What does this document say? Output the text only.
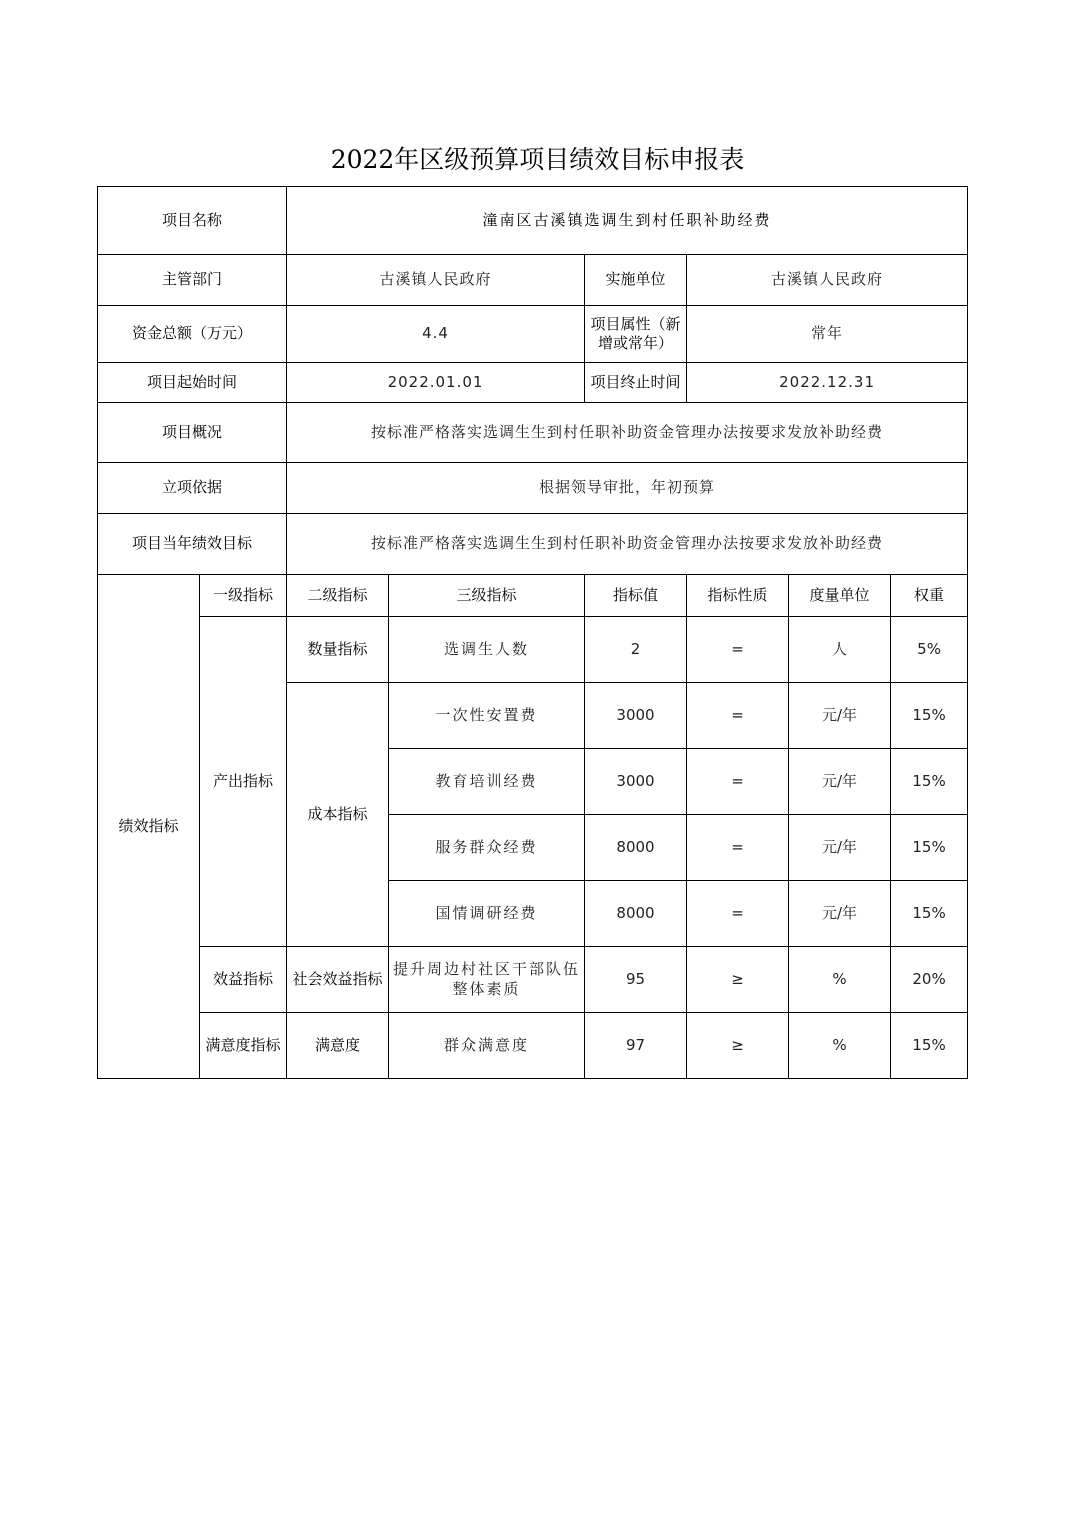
2022年区级预算项目绩效目标申报表
项目名称		潼南区古溪镇选调生到村任职补助经费					
主管部门		古溪镇人民政府		实施单位	古溪镇人民政府		
资金总额（万元）		4.4		项目属性（新增或常年）	常年		
项目起始时间		2022.01.01		项目终止时间	2022.12.31		
项目概况		按标准严格落实选调生生到村任职补助资金管理办法按要求发放补助经费					
立项依据		根据领导审批，年初预算					
项目当年绩效目标		按标准严格落实选调生生到村任职补助资金管理办法按要求发放补助经费					
绩效指标	一级指标	二级指标	三级指标	指标值	指标性质	度量单位	权重
	产出指标	数量指标	选调生人数	2	=	人	5%
		成本指标	一次性安置费	3000	=	元/年	15%
			教育培训经费	3000	=	元/年	15%
			服务群众经费	8000	=	元/年	15%
			国情调研经费	8000	=	元/年	15%
	效益指标	社会效益指标	提升周边村社区干部队伍整体素质	95	≥	%	20%
	满意度指标	满意度	群众满意度	97	≥	%	15%
